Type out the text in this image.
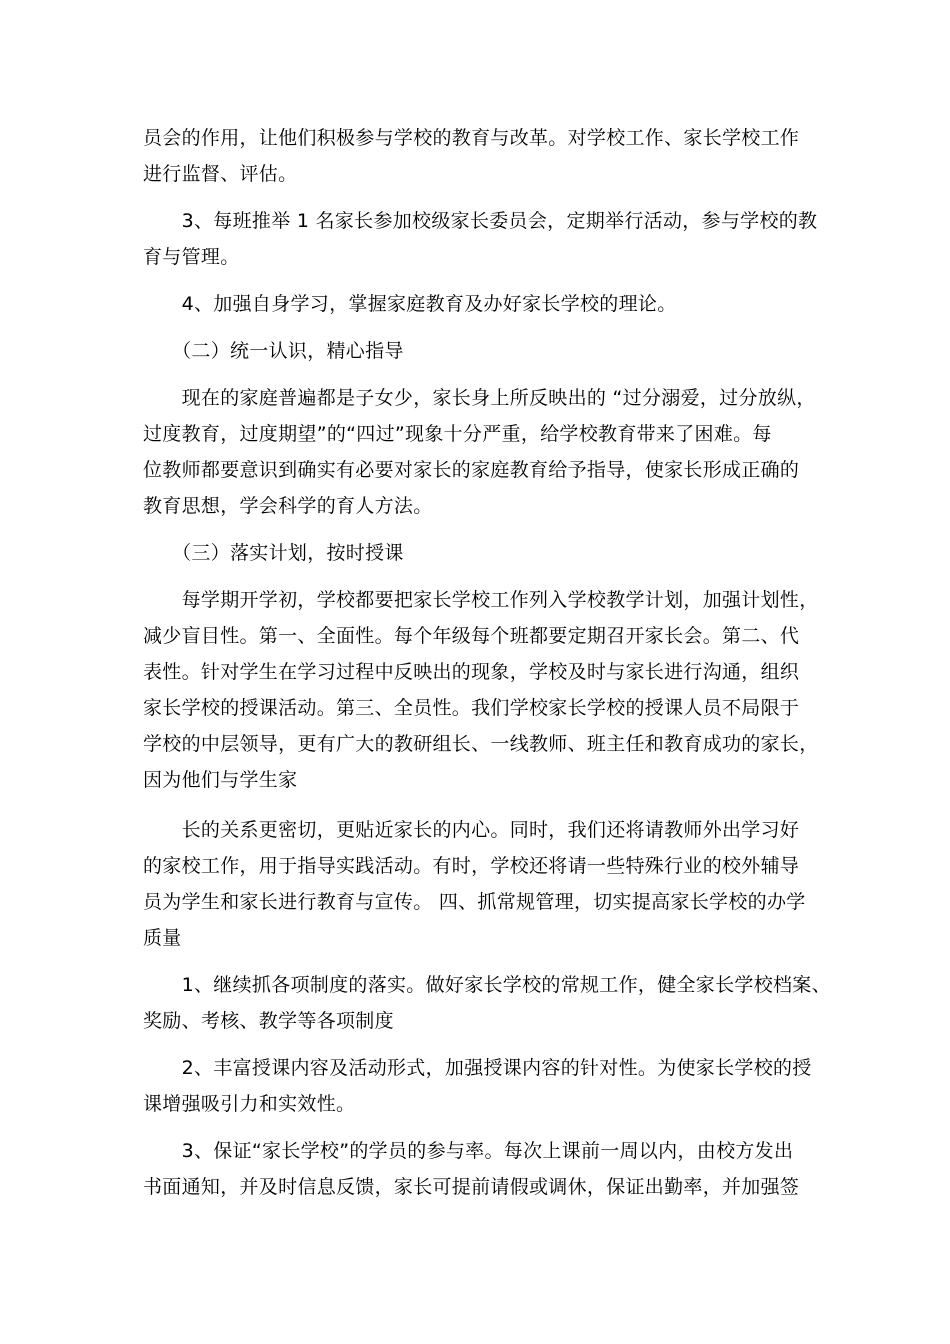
员会的作用，让他们积极参与学校的教育与改革。对学校工作、家长学校工作
进行监督、评估。
　　3、每班推举 1 名家长参加校级家长委员会，定期举行活动，参与学校的教
育与管理。
　　4、加强自身学习，掌握家庭教育及办好家长学校的理论。
　　（二）统一认识，精心指导
　　现在的家庭普遍都是子女少，家长身上所反映出的 “过分溺爱，过分放纵，
过度教育，过度期望”的“四过”现象十分严重，给学校教育带来了困难。每
位教师都要意识到确实有必要对家长的家庭教育给予指导，使家长形成正确的
教育思想，学会科学的育人方法。
　　（三）落实计划，按时授课
　　每学期开学初，学校都要把家长学校工作列入学校教学计划，加强计划性，
减少盲目性。第一、全面性。每个年级每个班都要定期召开家长会。第二、代
表性。针对学生在学习过程中反映出的现象，学校及时与家长进行沟通，组织
家长学校的授课活动。第三、全员性。我们学校家长学校的授课人员不局限于
学校的中层领导，更有广大的教研组长、一线教师、班主任和教育成功的家长，
因为他们与学生家
　　长的关系更密切，更贴近家长的内心。同时，我们还将请教师外出学习好
的家校工作，用于指导实践活动。有时，学校还将请一些特殊行业的校外辅导
员为学生和家长进行教育与宣传。 四、抓常规管理，切实提高家长学校的办学
质量
　　1、继续抓各项制度的落实。做好家长学校的常规工作，健全家长学校档案、
奖励、考核、教学等各项制度
　　2、丰富授课内容及活动形式，加强授课内容的针对性。为使家长学校的授
课增强吸引力和实效性。
　　3、保证“家长学校”的学员的参与率。每次上课前一周以内，由校方发出
书面通知，并及时信息反馈，家长可提前请假或调休，保证出勤率，并加强签
